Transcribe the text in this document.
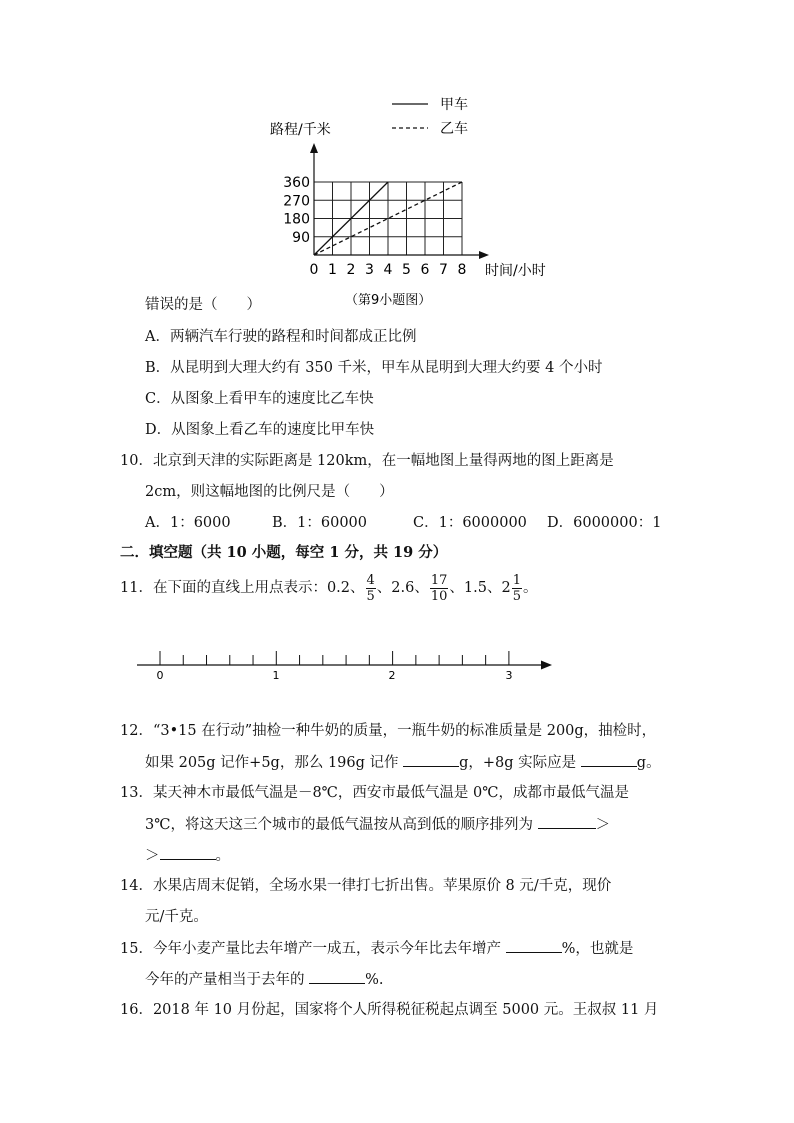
0 1 2 3 4 5 6 7 8
90
180
270
360
甲车
乙车
路程/千米
时间/小时
（第9小题图）
错误的是（　　）
A．两辆汽车行驶的路程和时间都成正比例
B．从昆明到大理大约有 350 千米，甲车从昆明到大理大约要 4 个小时
C．从图象上看甲车的速度比乙车快
D．从图象上看乙车的速度比甲车快
10．北京到天津的实际距离是 120km，在一幅地图上量得两地的图上距离是
2cm，则这幅地图的比例尺是（　　）
A．1：6000	B．1：60000	C．1：6000000 D．6000000：1
二．填空题（共 10 小题，每空 1 分，共 19 分）
11．在下面的直线上用点表示：0.2、 $\frac{4}{5}$ 、2.6、 $\frac{17}{10}$ 、1.5、$2 \frac{1}{5}$ 。
0	1	2	3
12．“3•15 在行动”抽检一种牛奶的质量，一瓶牛奶的标准质量是 200g，抽检时，
如果 205g 记作+5g，那么 196g 记作	g，+8g 实际应是	g。
13．某天神木市最低气温是－8℃，西安市最低气温是 0℃，成都市最低气温是
3℃，将这天这三个城市的最低气温按从高到低的顺序排列为	＞
＞	。
14．水果店周末促销，全场水果一律打七折出售。苹果原价 8 元/千克，现价
元/千克。
15．今年小麦产量比去年增产一成五，表示今年比去年增产	%，也就是
今年的产量相当于去年的	%.
16．2018 年 10 月份起，国家将个人所得税征税起点调至 5000 元。王叔叔 11 月
